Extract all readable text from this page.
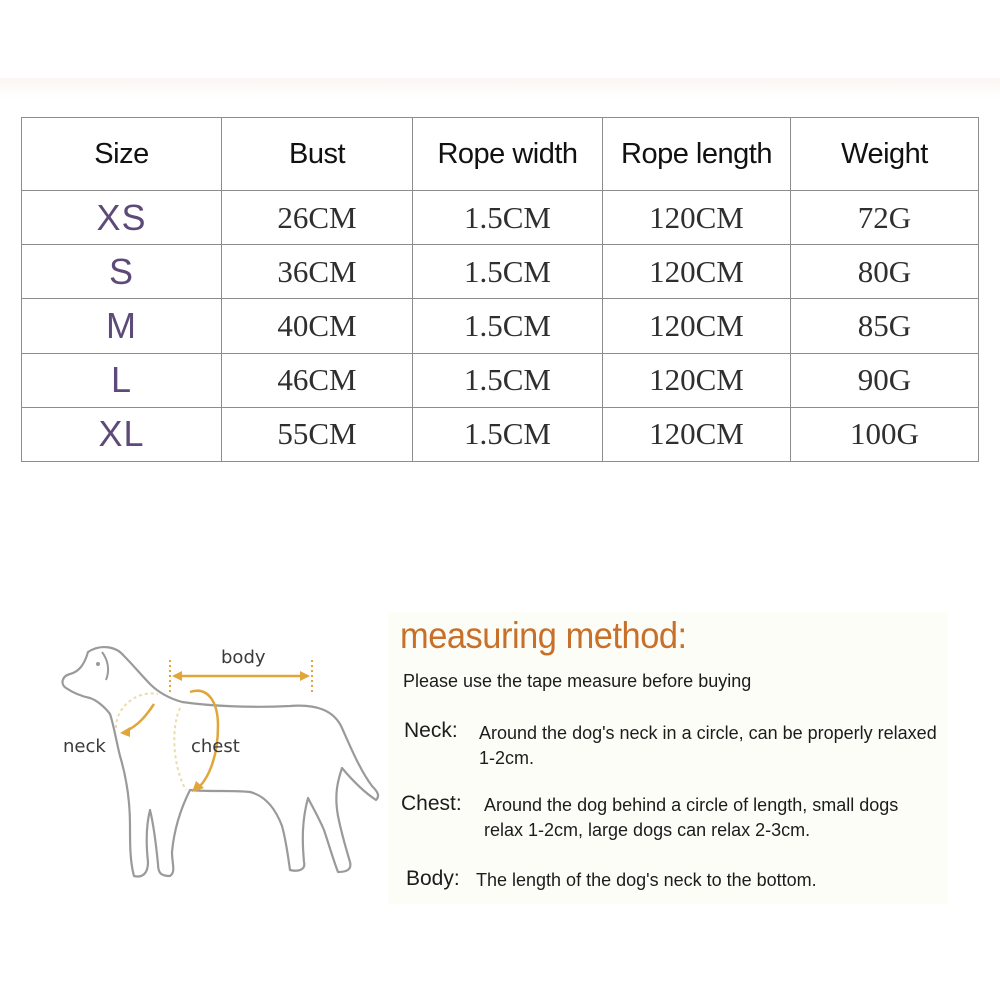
Size	Bust	Rope width	Rope length	Weight
XS	26CM	1.5CM	120CM	72G
S	36CM	1.5CM	120CM	80G
M	40CM	1.5CM	120CM	85G
L	46CM	1.5CM	120CM	90G
XL	55CM	1.5CM	120CM	100G
body
neck	chest
measuring method:
Please use the tape measure before buying
Neck: Around the dog's neck in a circle, can be properly relaxed 1-2cm.
Chest: Around the dog behind a circle of length, small dogs relax 1-2cm, large dogs can relax 2-3cm.
Body: The length of the dog's neck to the bottom.
